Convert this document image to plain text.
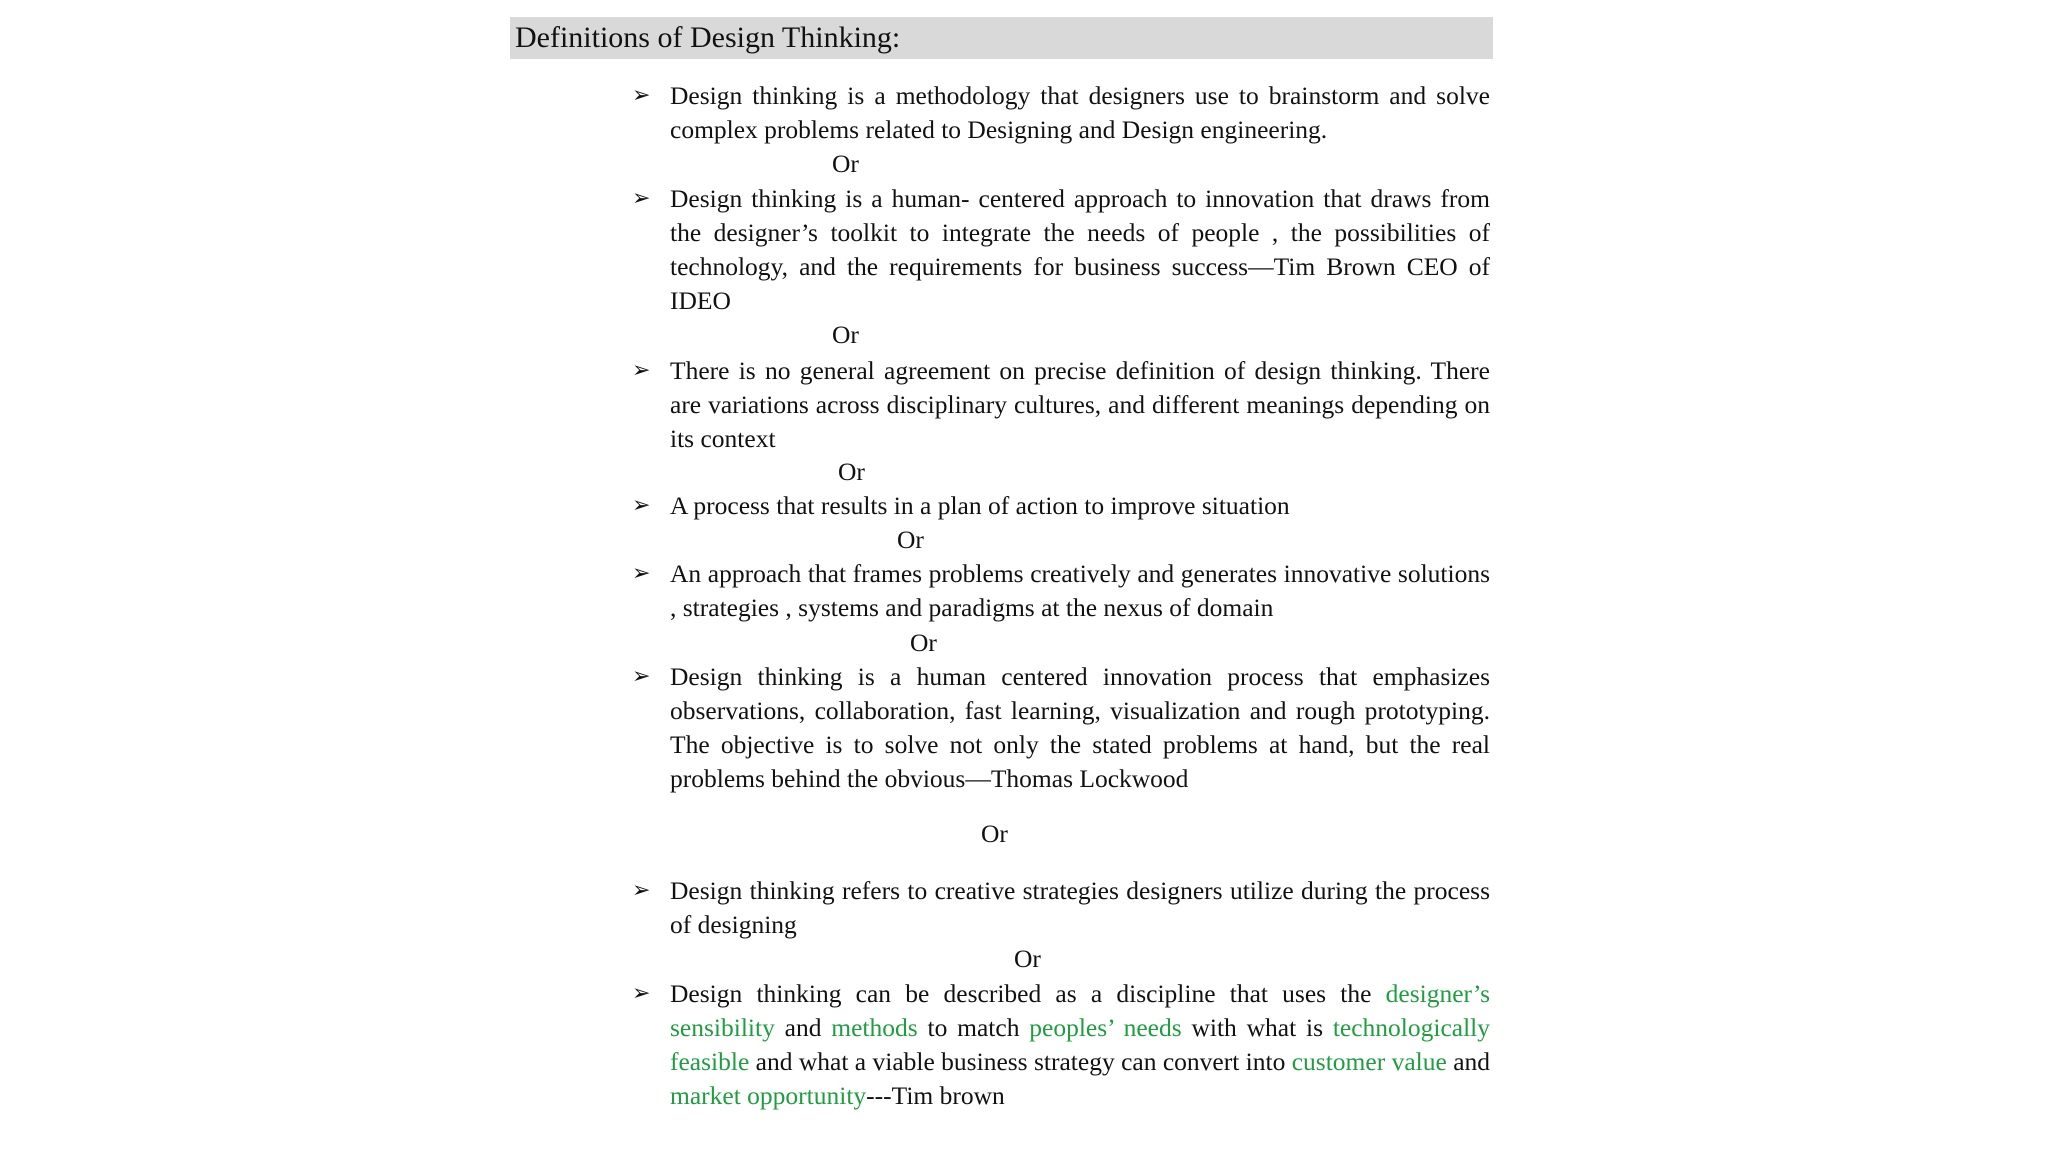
Definitions of Design Thinking:
➢ Design thinking is a methodology that designers use to brainstorm and solve complex problems related to Designing and Design engineering.
Or
➢ Design thinking is a human- centered approach to innovation that draws from the designer’s toolkit to integrate the needs of people , the possibilities of technology, and the requirements for business success—Tim Brown CEO of IDEO
Or
➢ There is no general agreement on precise definition of design thinking. There are variations across disciplinary cultures, and different meanings depending on its context
Or
➢ A process that results in a plan of action to improve situation
Or
➢ An approach that frames problems creatively and generates innovative solutions , strategies , systems and paradigms at the nexus of domain
Or
➢ Design thinking is a human centered innovation process that emphasizes observations, collaboration, fast learning, visualization and rough prototyping. The objective is to solve not only the stated problems at hand, but the real problems behind the obvious—Thomas Lockwood
Or
➢ Design thinking refers to creative strategies designers utilize during the process of designing
Or
➢ Design thinking can be described as a discipline that uses the designer’s sensibility and methods to match peoples’ needs with what is technologically feasible and what a viable business strategy can convert into customer value and market opportunity---Tim brown
